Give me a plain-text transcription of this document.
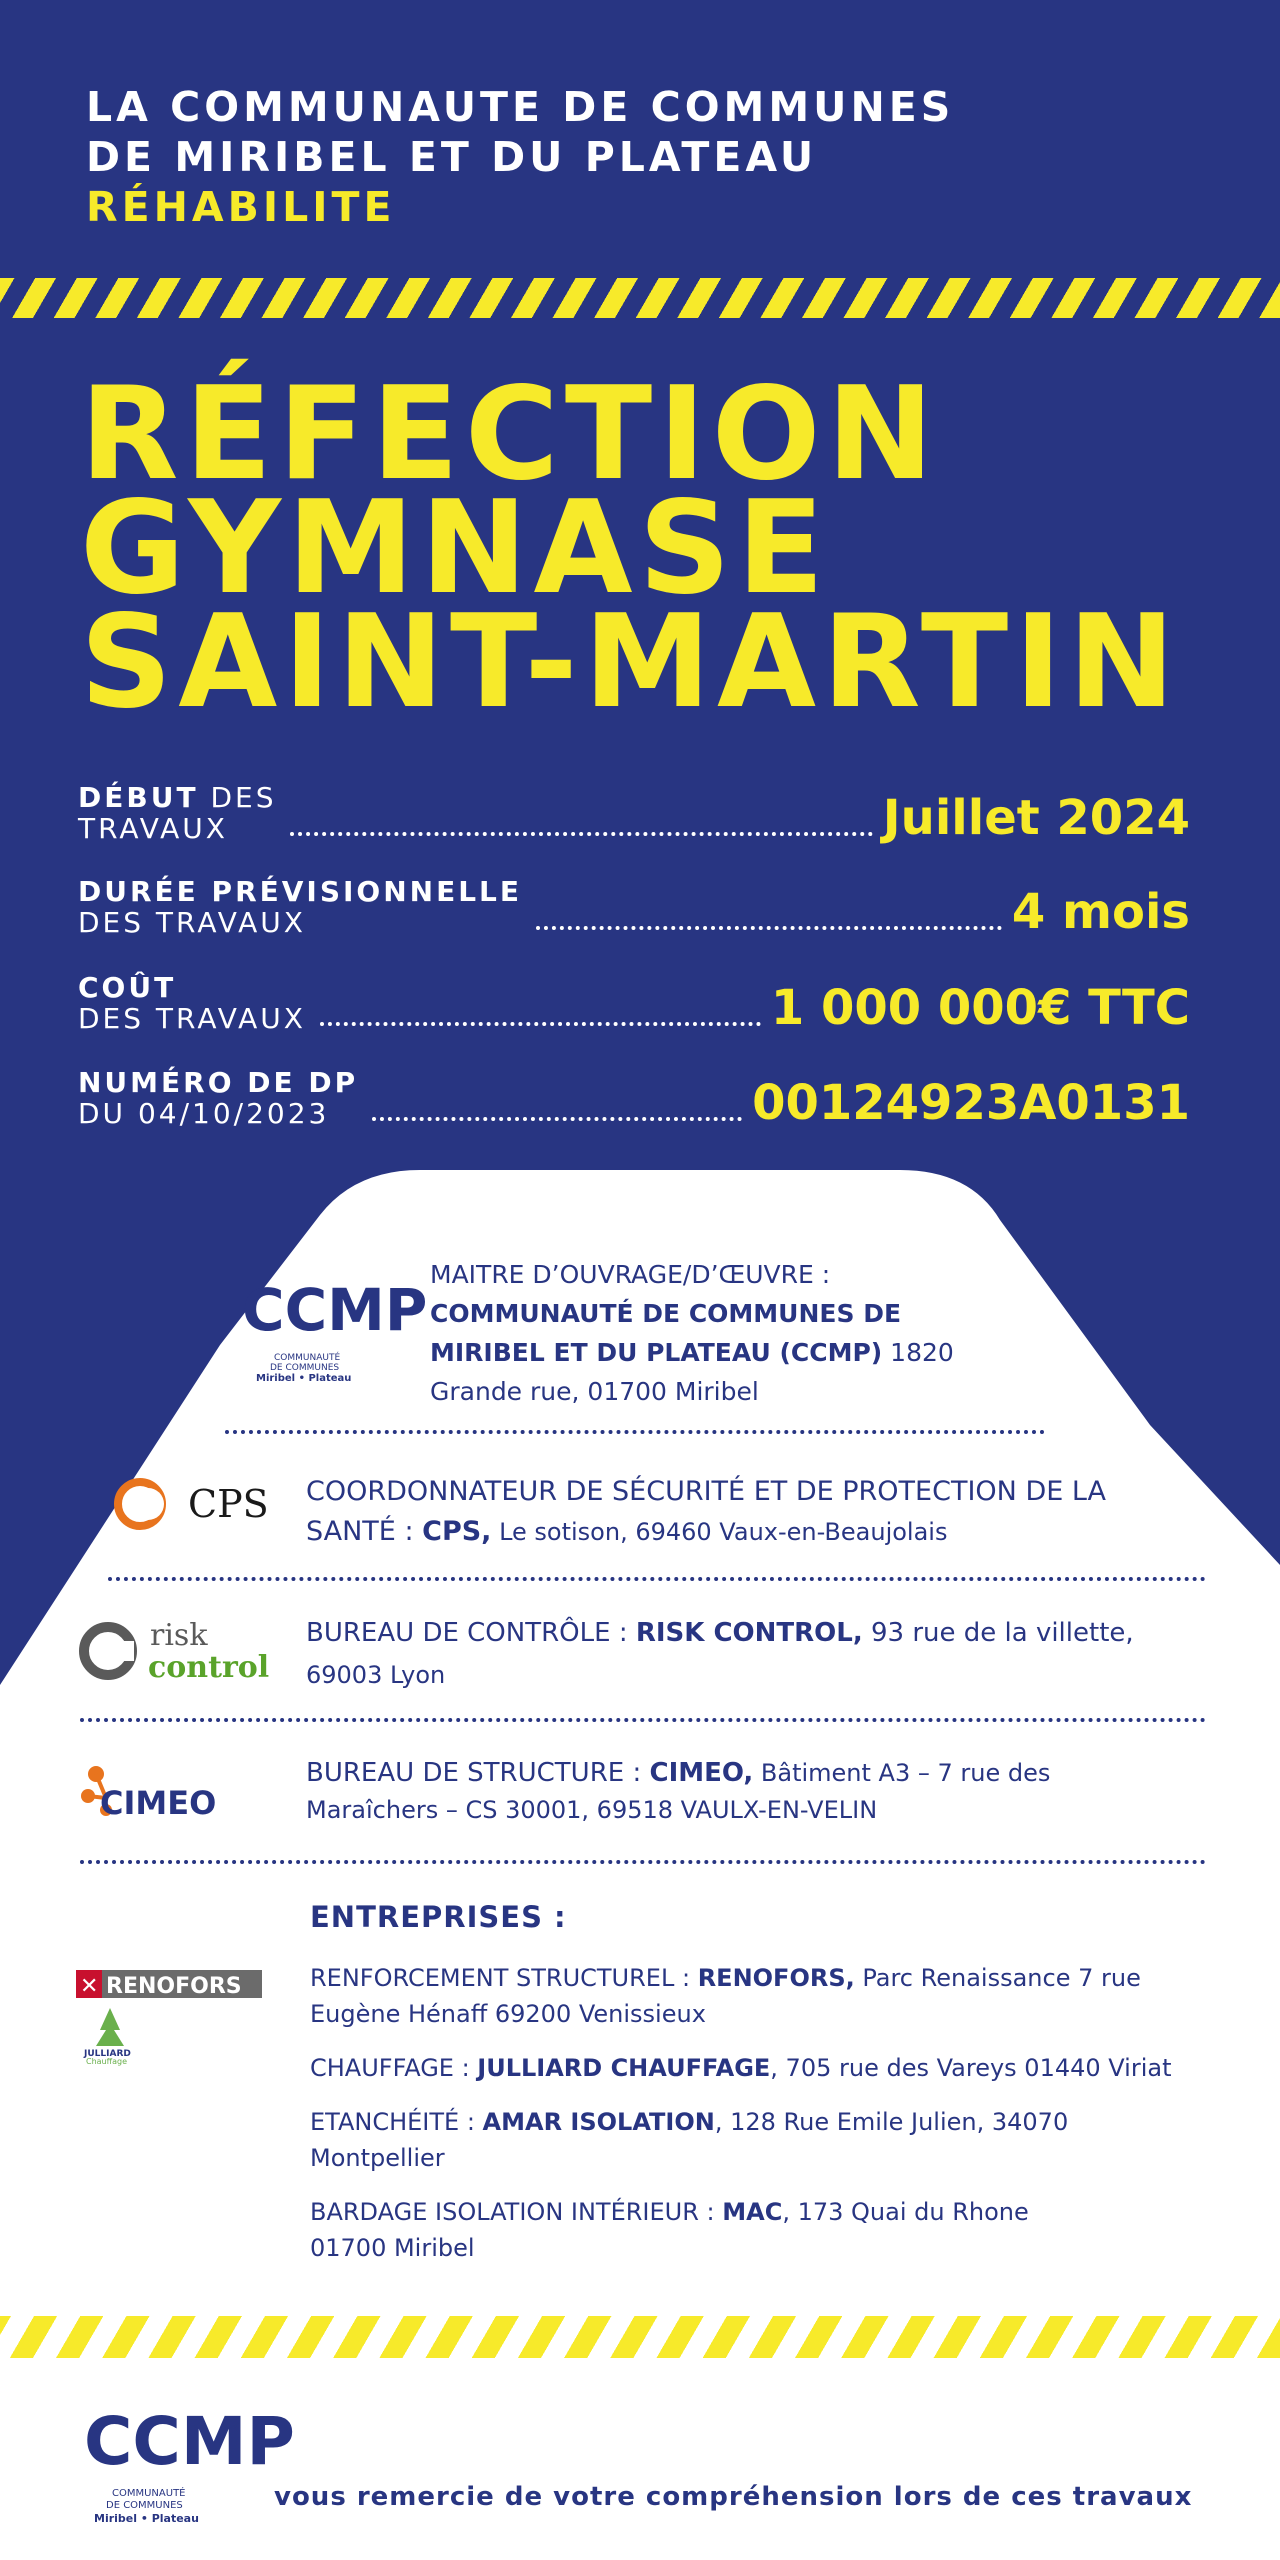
LA COMMUNAUTE DE COMMUNES
DE MIRIBEL ET DU PLATEAU
RÉHABILITE
RÉFECTION
GYMNASE
SAINT-MARTIN
DÉBUT DES
TRAVAUX	Juillet 2024
DURÉE PRÉVISIONNELLE
DES TRAVAUX	4 mois
COÛT
DES TRAVAUX	1 000 000€ TTC
NUMÉRO DE DP
DU 04/10/2023	00124923A0131
CCMP
COMMUNAUTÉ
DE COMMUNES
Miribel • Plateau
MAITRE D’OUVRAGE/D’ŒUVRE :
COMMUNAUTÉ DE COMMUNES DE
MIRIBEL ET DU PLATEAU (CCMP) 1820
Grande rue, 01700 Miribel
CPS COORDONNATEUR DE SÉCURITÉ ET DE PROTECTION DE LA
SANTÉ : CPS, Le sotison, 69460 Vaux-en-Beaujolais
risk
control
BUREAU DE CONTRÔLE : RISK CONTROL, 93 rue de la villette,
69003 Lyon
CIMEO
BUREAU DE STRUCTURE : CIMEO, Bâtiment A3 – 7 rue des
Maraîchers – CS 30001, 69518 VAULX-EN-VELIN
ENTREPRISES :
✕ RENOFORS
JULLIARD
Chauffage
RENFORCEMENT STRUCTUREL : RENOFORS, Parc Renaissance 7 rue
Eugène Hénaff 69200 Venissieux
CHAUFFAGE : JULLIARD CHAUFFAGE, 705 rue des Vareys 01440 Viriat
ETANCHÉITÉ : AMAR ISOLATION, 128 Rue Emile Julien, 34070
Montpellier
BARDAGE ISOLATION INTÉRIEUR : MAC, 173 Quai du Rhone
01700 Miribel
CCMP
COMMUNAUTÉ
DE COMMUNES
Miribel • Plateau
vous remercie de votre compréhension lors de ces travaux
